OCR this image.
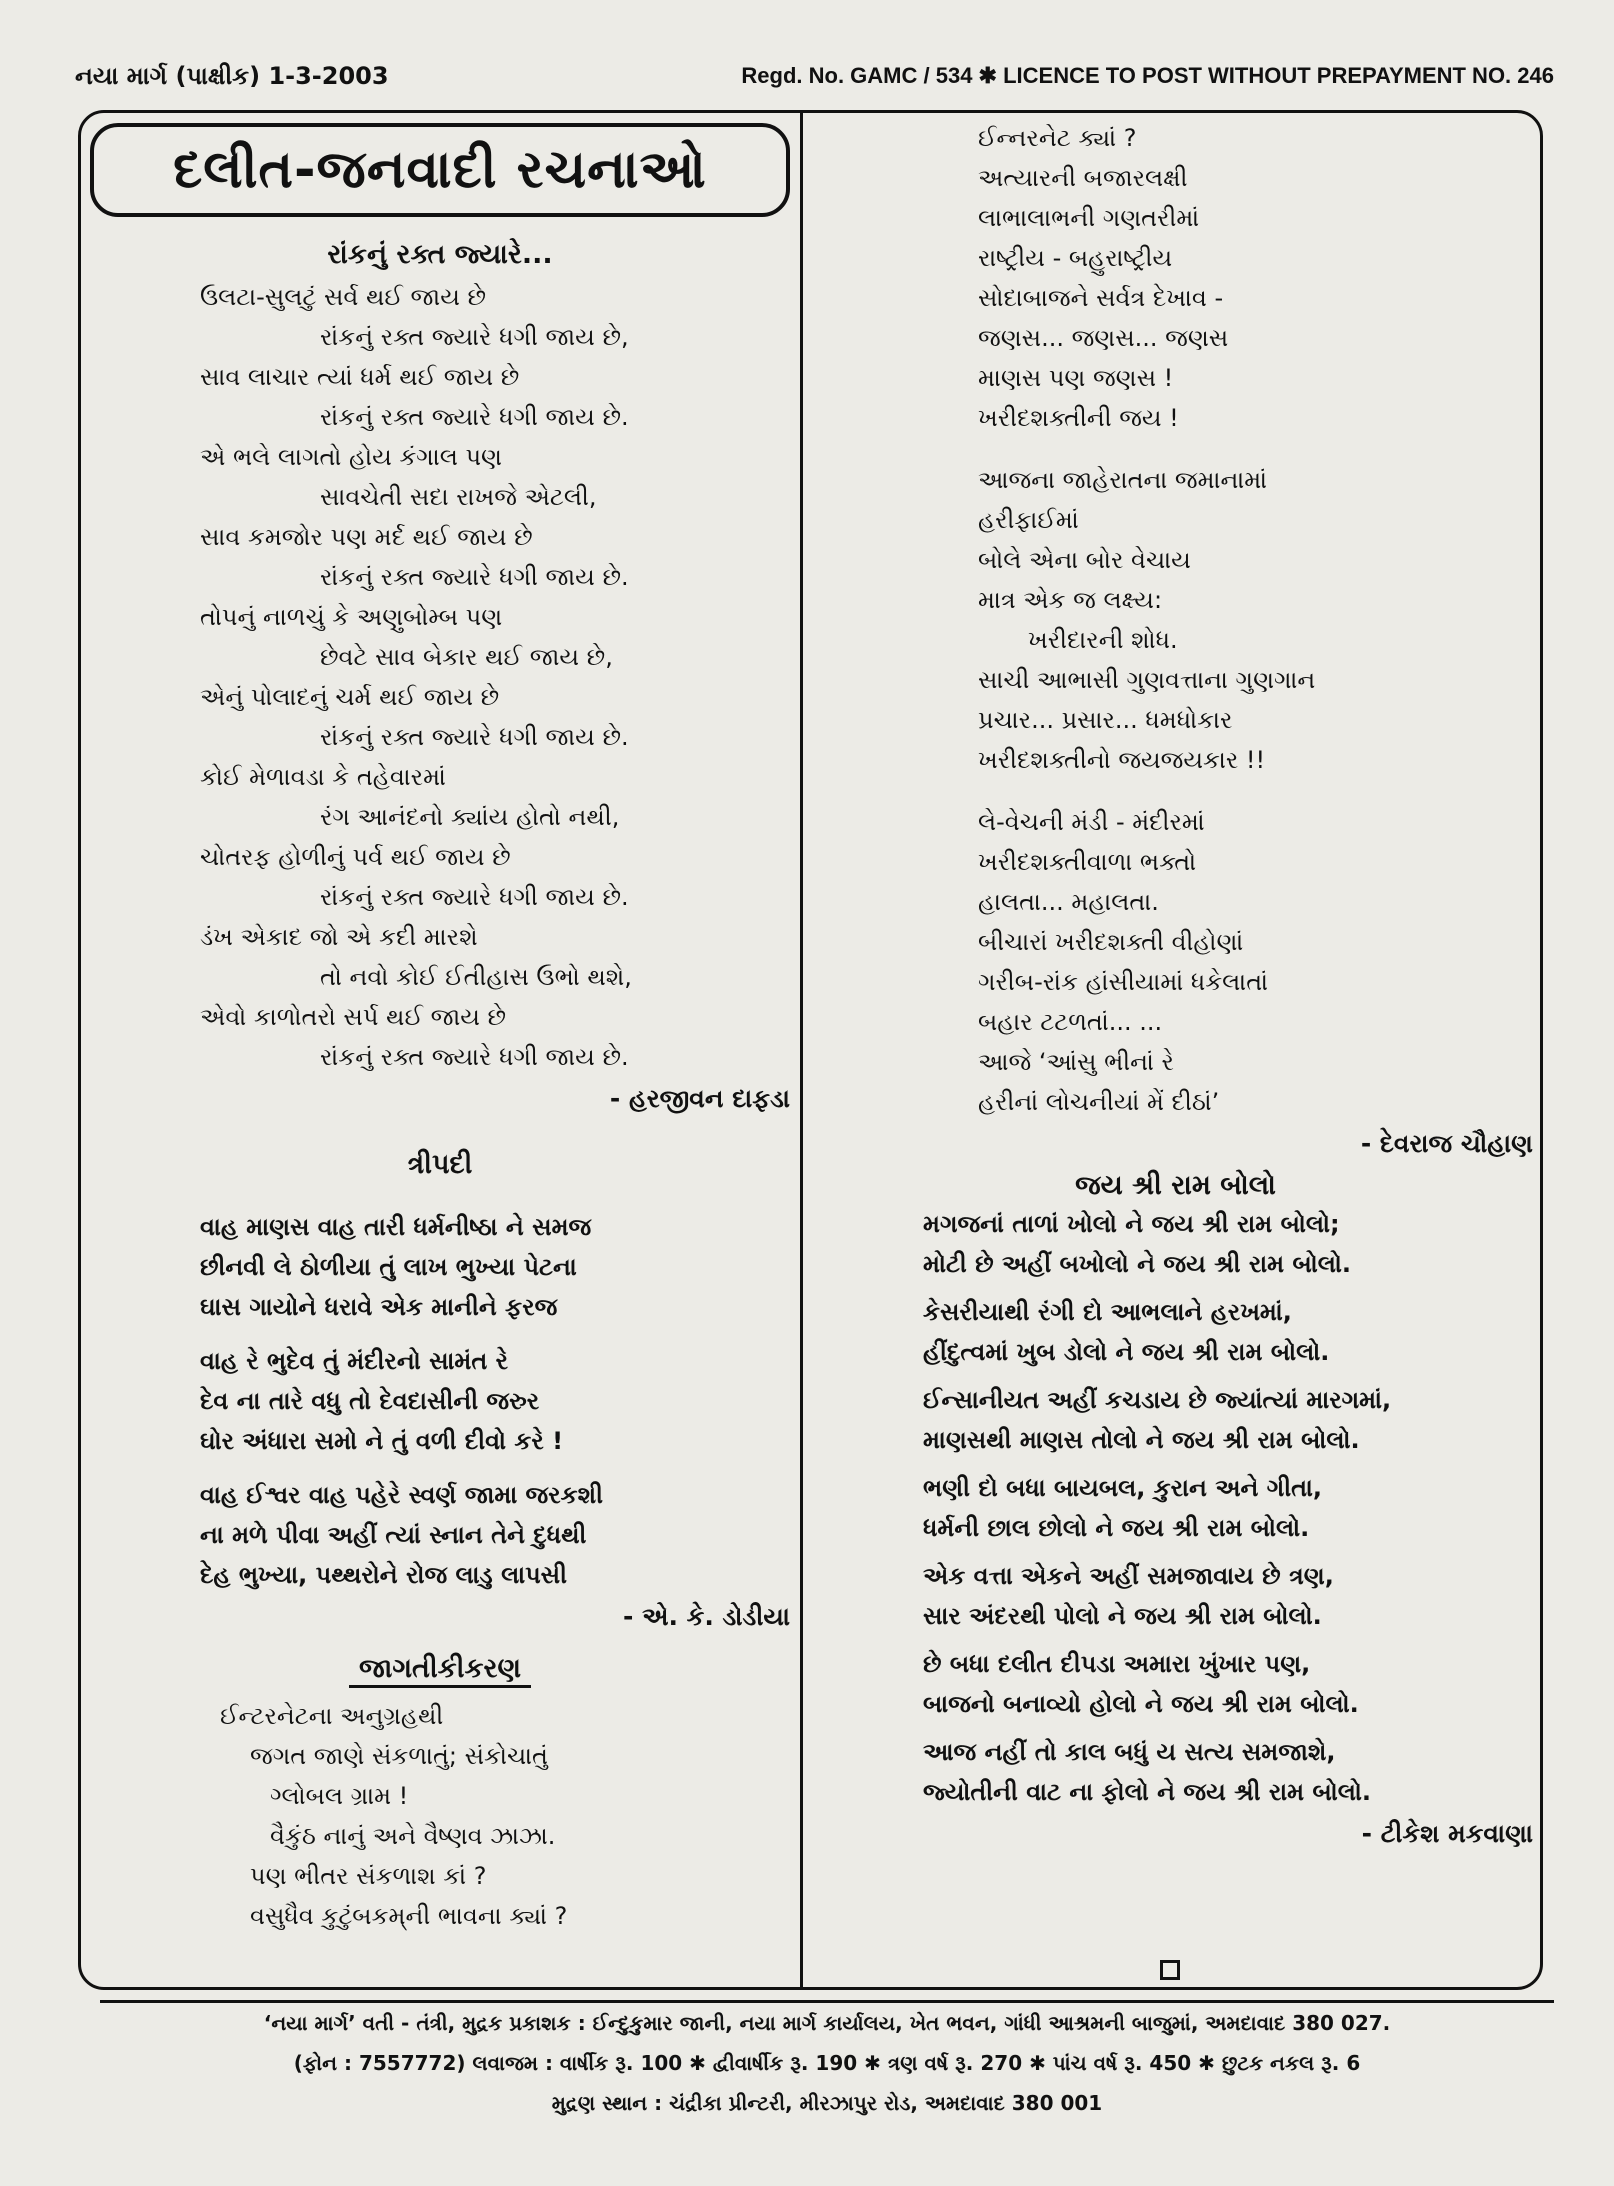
નયા માર્ગ (પાક્ષીક) 1-3-2003	Regd. No. GAMC / 534 ✱ LICENCE TO POST WITHOUT PREPAYMENT NO. 246
દલીત-જનવાદી રચનાઓ
રાંકનું રક્ત જ્યારે...
ઉલટા-સુલટું સર્વ થઈ જાય છે
રાંકનું રક્ત જ્યારે ધગી જાય છે,
સાવ લાચાર ત્યાં ધર્મ થઈ જાય છે
રાંકનું રક્ત જ્યારે ધગી જાય છે.
એ ભલે લાગતો હોય કંગાલ પણ
સાવચેતી સદા રાખજે એટલી,
સાવ કમજોર પણ મર્દ થઈ જાય છે
રાંકનું રક્ત જ્યારે ધગી જાય છે.
તોપનું નાળચું કે અણુબોમ્બ પણ
છેવટે સાવ બેકાર થઈ જાય છે,
એનું પોલાદનું ચર્મ થઈ જાય છે
રાંકનું રક્ત જ્યારે ધગી જાય છે.
કોઈ મેળાવડા કે તહેવારમાં
રંગ આનંદનો ક્યાંય હોતો નથી,
ચોતરફ હોળીનું પર્વ થઈ જાય છે
રાંકનું રક્ત જ્યારે ધગી જાય છે.
ડંખ એકાદ જો એ કદી મારશે
તો નવો કોઈ ઈતીહાસ ઉભો થશે,
એવો કાળોતરો સર્પ થઈ જાય છે
રાંકનું રક્ત જ્યારે ધગી જાય છે.
- હરજીવન દાફડા
ત્રીપદી
વાહ માણસ વાહ તારી ધર્મનીષ્ઠા ને સમજ
છીનવી લે ઠોળીયા તું લાખ ભુખ્યા પેટના
ઘાસ ગાયોને ધરાવે એક માનીને ફરજ
વાહ રે ભુદેવ તું મંદીરનો સામંત રે
દેવ ના તારે વધુ તો દેવદાસીની જરુર
ઘોર અંધારા સમો ને તું વળી દીવો કરે !
વાહ ઈશ્વર વાહ પહેરે સ્વર્ણ જામા જરકશી
ના મળે પીવા અહીં ત્યાં સ્નાન તેને દુધથી
દેહ ભુખ્યા, પથ્થરોને રોજ લાડુ લાપસી
- એ. કે. ડોડીયા
જાગતીકીકરણ
ઈન્ટરનેટના અનુગ્રહથી
જગત જાણે સંકળાતું; સંકોચાતું
ગ્લોબલ ગ્રામ !
વૈકુંઠ નાનું અને વૈષ્ણવ ઝાઝા.
પણ ભીતર સંકળાશ કાં ?
વસુધૈવ કુટુંબકમ્‌ની ભાવના ક્યાં ?
ઈન્નરનેટ ક્યાં ?
અત્યારની બજારલક્ષી
લાભાલાભની ગણતરીમાં
રાષ્ટ્રીય - બહુરાષ્ટ્રીય
સોદાબાજને સર્વત્ર દેખાવ -
જણસ... જણસ... જણસ
માણસ પણ જણસ !
ખરીદશક્તીની જય !
આજના જાહેરાતના જમાનામાં
હરીફાઈમાં
બોલે એના બોર વેચાય
માત્ર એક જ લક્ષ્ય:
ખરીદારની શોધ.
સાચી આભાસી ગુણવત્તાના ગુણગાન
પ્રચાર... પ્રસાર... ધમધોકાર
ખરીદશક્તીનો જયજયકાર !!
લે-વેચની મંડી - મંદીરમાં
ખરીદશક્તીવાળા ભક્તો
હાલતા... મહાલતા.
બીચારાં ખરીદશક્તી વીહોણાં
ગરીબ-રાંક હાંસીયામાં ધકેલાતાં
બહાર ટટળતાં... ...
આજે ‘આંસુ ભીનાં રે
હરીનાં લોચનીયાં મેં દીઠાં’
- દેવરાજ ચૌહાણ
જય શ્રી રામ બોલો
મગજનાં તાળાં ખોલો ને જય શ્રી રામ બોલો;
મોટી છે અહીં બખોલો ને જય શ્રી રામ બોલો.
કેસરીયાથી રંગી દો આભલાને હરખમાં,
હીંદુત્વમાં ખુબ ડોલો ને જય શ્રી રામ બોલો.
ઈન્સાનીયત અહીં કચડાય છે જ્યાંત્યાં મારગમાં,
માણસથી માણસ તોલો ને જય શ્રી રામ બોલો.
ભણી દો બધા બાયબલ, કુરાન અને ગીતા,
ધર્મની છાલ છોલો ને જય શ્રી રામ બોલો.
એક વત્તા એકને અહીં સમજાવાય છે ત્રણ,
સાર અંદરથી પોલો ને જય શ્રી રામ બોલો.
છે બધા દલીત દીપડા અમારા ખુંખાર પણ,
બાજનો બનાવ્યો હોલો ને જય શ્રી રામ બોલો.
આજ નહીં તો કાલ બધું ય સત્ય સમજાશે,
જ્યોતીની વાટ ના ફોલો ને જય શ્રી રામ બોલો.
- ટીકેશ મકવાણા
‘નયા માર્ગ’ વતી - તંત્રી, મુદ્રક પ્રકાશક : ઈન્દુકુમાર જાની, નયા માર્ગ કાર્યાલય, ખેત ભવન, ગાંધી આશ્રમની બાજુમાં, અમદાવાદ 380 027.
(ફોન : 7557772) લવાજમ : વાર્ષીક રૂ. 100 ✱ દ્વીવાર્ષીક રૂ. 190 ✱ ત્રણ વર્ષ રૂ. 270 ✱ પાંચ વર્ષ રૂ. 450 ✱ છુટક નકલ રૂ. 6
મુદ્રણ સ્થાન : ચંદ્રીકા પ્રીન્ટરી, મીરઝાપુર રોડ, અમદાવાદ 380 001
